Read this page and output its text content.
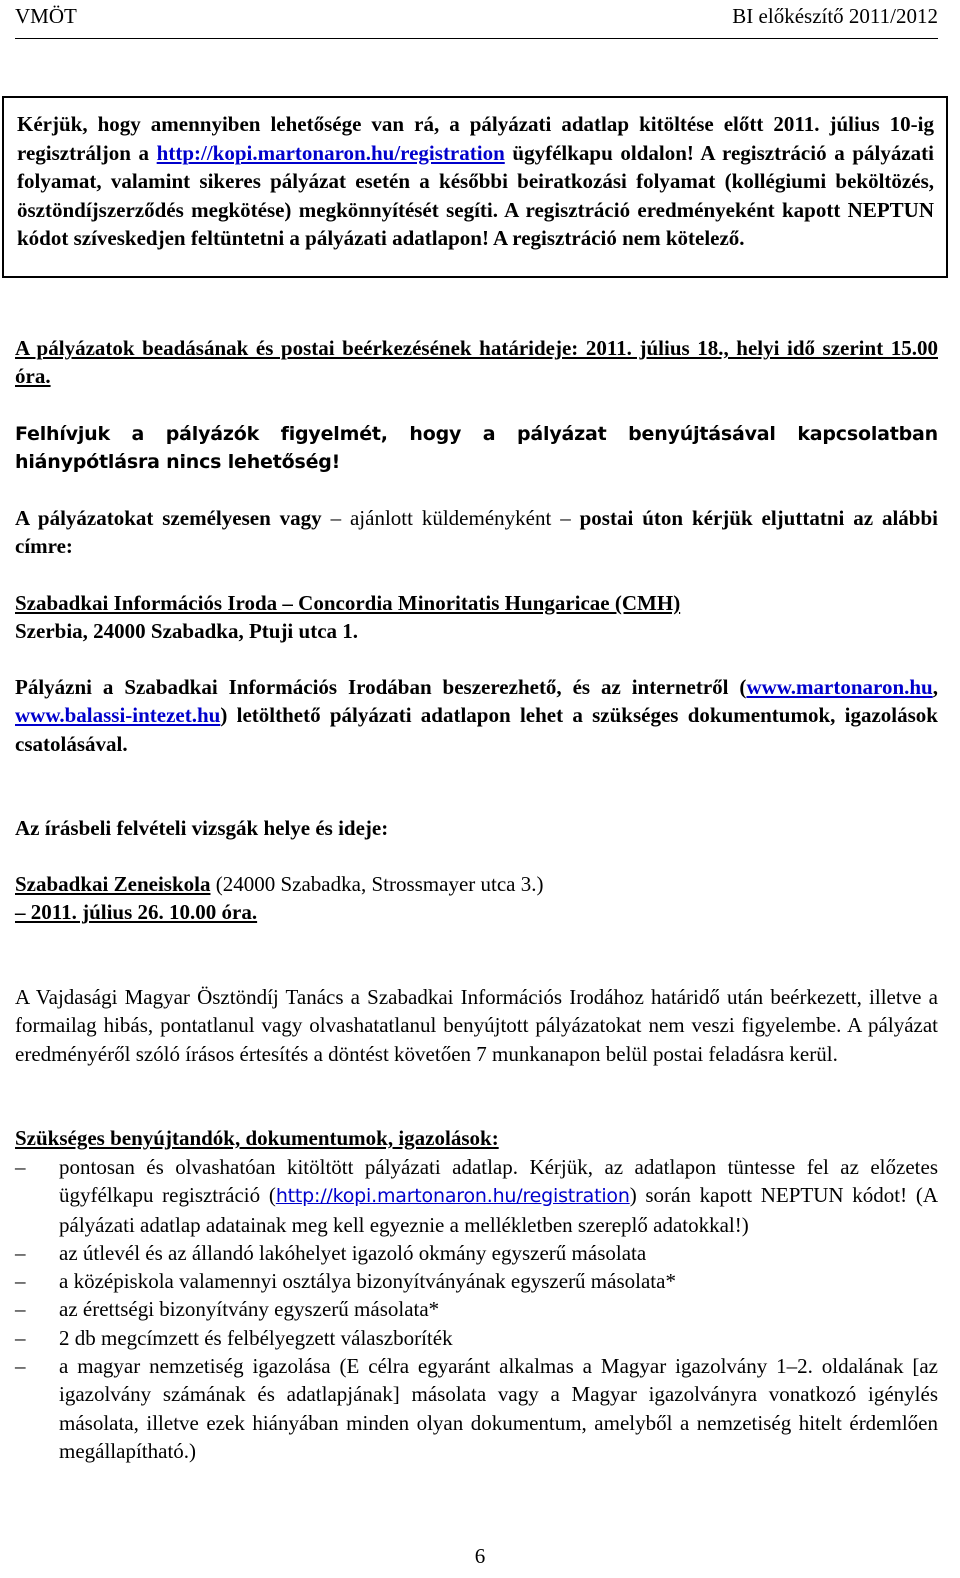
VMÖT	BI előkészítő 2011/2012
Kérjük, hogy amennyiben lehetősége van rá, a pályázati adatlap kitöltése előtt 2011. július 10-ig regisztráljon a http://kopi.martonaron.hu/registration ügyfélkapu oldalon! A regisztráció a pályázati folyamat, valamint sikeres pályázat esetén a későbbi beiratkozási folyamat (kollégiumi beköltözés, ösztöndíjszerződés megkötése) megkönnyítését segíti. A regisztráció eredményeként kapott NEPTUN kódot szíveskedjen feltüntetni a pályázati adatlapon! A regisztráció nem kötelező.
A pályázatok beadásának és postai beérkezésének határideje: 2011. július 18., helyi idő szerint 15.00 óra.
Felhívjuk a pályázók figyelmét, hogy a pályázat benyújtásával kapcsolatban hiánypótlásra nincs lehetőség!
A pályázatokat személyesen vagy – ajánlott küldeményként – postai úton kérjük eljuttatni az alábbi címre:
Szabadkai Információs Iroda – Concordia Minoritatis Hungaricae (CMH)
Szerbia, 24000 Szabadka, Ptuji utca 1.
Pályázni a Szabadkai Információs Irodában beszerezhető, és az internetről (www.martonaron.hu, www.balassi-intezet.hu) letölthető pályázati adatlapon lehet a szükséges dokumentumok, igazolások csatolásával.
Az írásbeli felvételi vizsgák helye és ideje:
Szabadkai Zeneiskola (24000 Szabadka, Strossmayer utca 3.)
– 2011. július 26. 10.00 óra.
A Vajdasági Magyar Ösztöndíj Tanács a Szabadkai Információs Irodához határidő után beérkezett, illetve a formailag hibás, pontatlanul vagy olvashatatlanul benyújtott pályázatokat nem veszi figyelembe. A pályázat eredményéről szóló írásos értesítés a döntést követően 7 munkanapon belül postai feladásra kerül.
Szükséges benyújtandók, dokumentumok, igazolások:
– pontosan és olvashatóan kitöltött pályázati adatlap. Kérjük, az adatlapon tüntesse fel az előzetes ügyfélkapu regisztráció (http://kopi.martonaron.hu/registration) során kapott NEPTUN kódot! (A pályázati adatlap adatainak meg kell egyeznie a mellékletben szereplő adatokkal!)
– az útlevél és az állandó lakóhelyet igazoló okmány egyszerű másolata
– a középiskola valamennyi osztálya bizonyítványának egyszerű másolata*
– az érettségi bizonyítvány egyszerű másolata*
– 2 db megcímzett és felbélyegzett válaszboríték
– a magyar nemzetiség igazolása (E célra egyaránt alkalmas a Magyar igazolvány 1–2. oldalának [az igazolvány számának és adatlapjának] másolata vagy a Magyar igazolványra vonatkozó igénylés másolata, illetve ezek hiányában minden olyan dokumentum, amelyből a nemzetiség hitelt érdemlően megállapítható.)
6
